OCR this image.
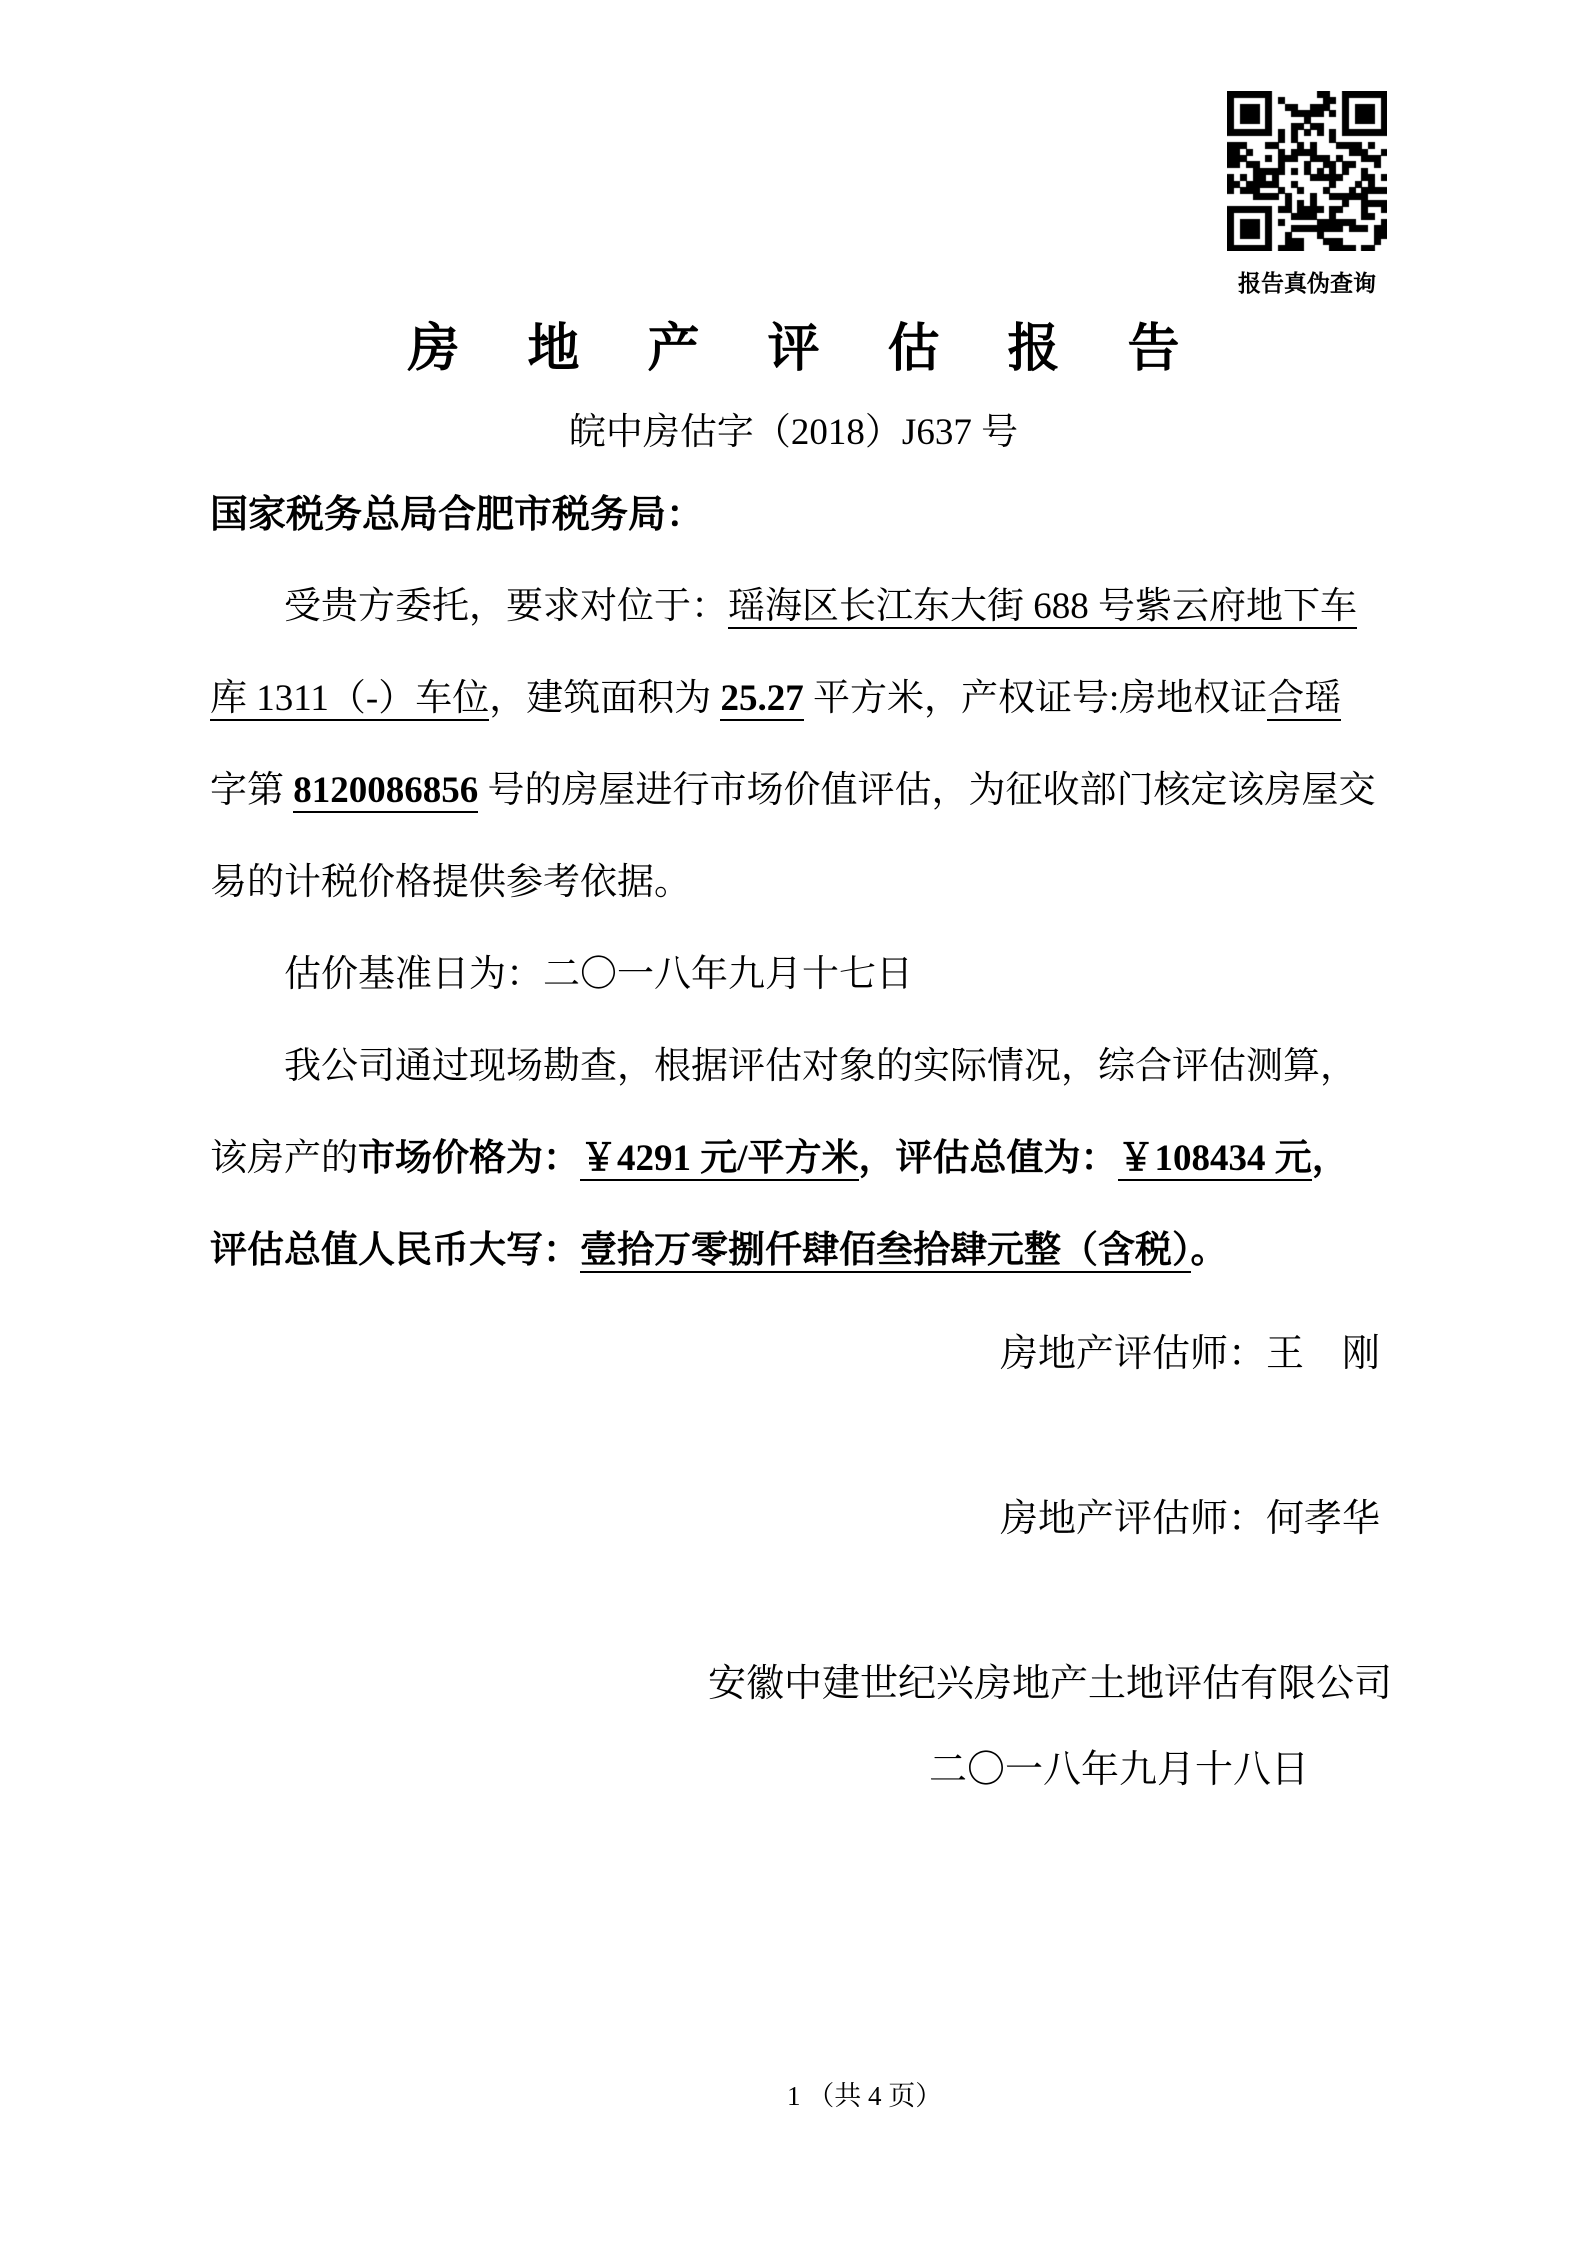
报告真伪查询
房地产评估报告
皖中房估字（2018）J637 号
国家税务总局合肥市税务局：
受贵方委托，要求对位于：瑶海区长江东大街 688 号紫云府地下车
库 1311（-）车位，建筑面积为 25.27 平方米，产权证号:房地权证合瑶
字第 8120086856 号的房屋进行市场价值评估，为征收部门核定该房屋交
易的计税价格提供参考依据。
估价基准日为：二〇一八年九月十七日
我公司通过现场勘查，根据评估对象的实际情况，综合评估测算，
该房产的市场价格为：￥4291 元/平方米，评估总值为：￥108434 元，
评估总值人民币大写：壹拾万零捌仟肆佰叁拾肆元整（含税）。
房地产评估师：王　刚
房地产评估师：何孝华
安徽中建世纪兴房地产土地评估有限公司
二〇一八年九月十八日
1 （共 4 页）
